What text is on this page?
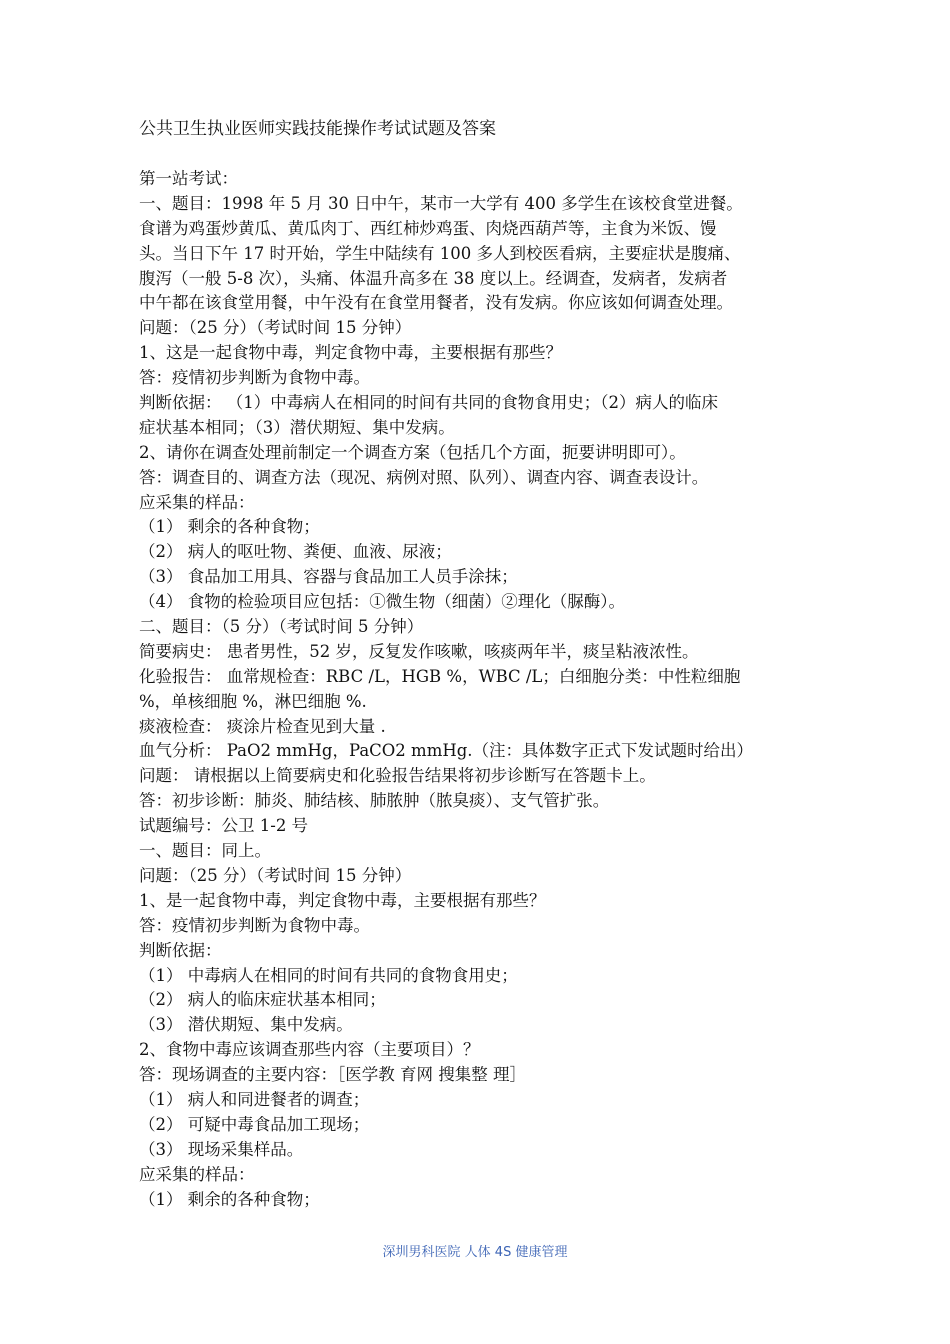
公共卫生执业医师实践技能操作考试试题及答案
第一站考试：
一、题目：1998 年 5 月 30 日中午，某市一大学有 400 多学生在该校食堂进餐。
食谱为鸡蛋炒黄瓜、黄瓜肉丁、西红柿炒鸡蛋、肉烧西葫芦等，主食为米饭、馒
头。当日下午 17 时开始，学生中陆续有 100 多人到校医看病，主要症状是腹痛、
腹泻（一般 5-8 次），头痛、体温升高多在 38 度以上。经调查，发病者，发病者
中午都在该食堂用餐，中午没有在食堂用餐者，没有发病。你应该如何调查处理。
问题：（25 分）（考试时间 15 分钟）
1、这是一起食物中毒，判定食物中毒，主要根据有那些？
答：疫情初步判断为食物中毒。
判断依据： （1）中毒病人在相同的时间有共同的食物食用史；（2）病人的临床
症状基本相同；（3）潜伏期短、集中发病。
2、请你在调查处理前制定一个调查方案（包括几个方面，扼要讲明即可）。
答：调查目的、调查方法（现况、病例对照、队列）、调查内容、调查表设计。
应采集的样品：
（1） 剩余的各种食物；
（2） 病人的呕吐物、粪便、血液、尿液；
（3） 食品加工用具、容器与食品加工人员手涂抹；
（4） 食物的检验项目应包括：①微生物（细菌）②理化（脲酶）。
二、题目：（5 分）（考试时间 5 分钟）
简要病史： 患者男性，52 岁，反复发作咳嗽，咳痰两年半，痰呈粘液浓性。
化验报告： 血常规检查：RBC /L，HGB %，WBC /L；白细胞分类：中性粒细胞
%，单核细胞 %，淋巴细胞 %.
痰液检查： 痰涂片检查见到大量 .
血气分析： PaO2 mmHg，PaCO2 mmHg.（注：具体数字正式下发试题时给出）
问题： 请根据以上简要病史和化验报告结果将初步诊断写在答题卡上。
答：初步诊断：肺炎、肺结核、肺脓肿（脓臭痰）、支气管扩张。
试题编号：公卫 1-2 号
一、题目：同上。
问题：（25 分）（考试时间 15 分钟）
1、是一起食物中毒，判定食物中毒，主要根据有那些？
答：疫情初步判断为食物中毒。
判断依据：
（1） 中毒病人在相同的时间有共同的食物食用史；
（2） 病人的临床症状基本相同；
（3） 潜伏期短、集中发病。
2、食物中毒应该调查那些内容（主要项目）？
答：现场调查的主要内容：［医学教 育网 搜集整 理］
（1） 病人和同进餐者的调查；
（2） 可疑中毒食品加工现场；
（3） 现场采集样品。
应采集的样品：
（1） 剩余的各种食物；
深圳男科医院 人体 4S 健康管理
